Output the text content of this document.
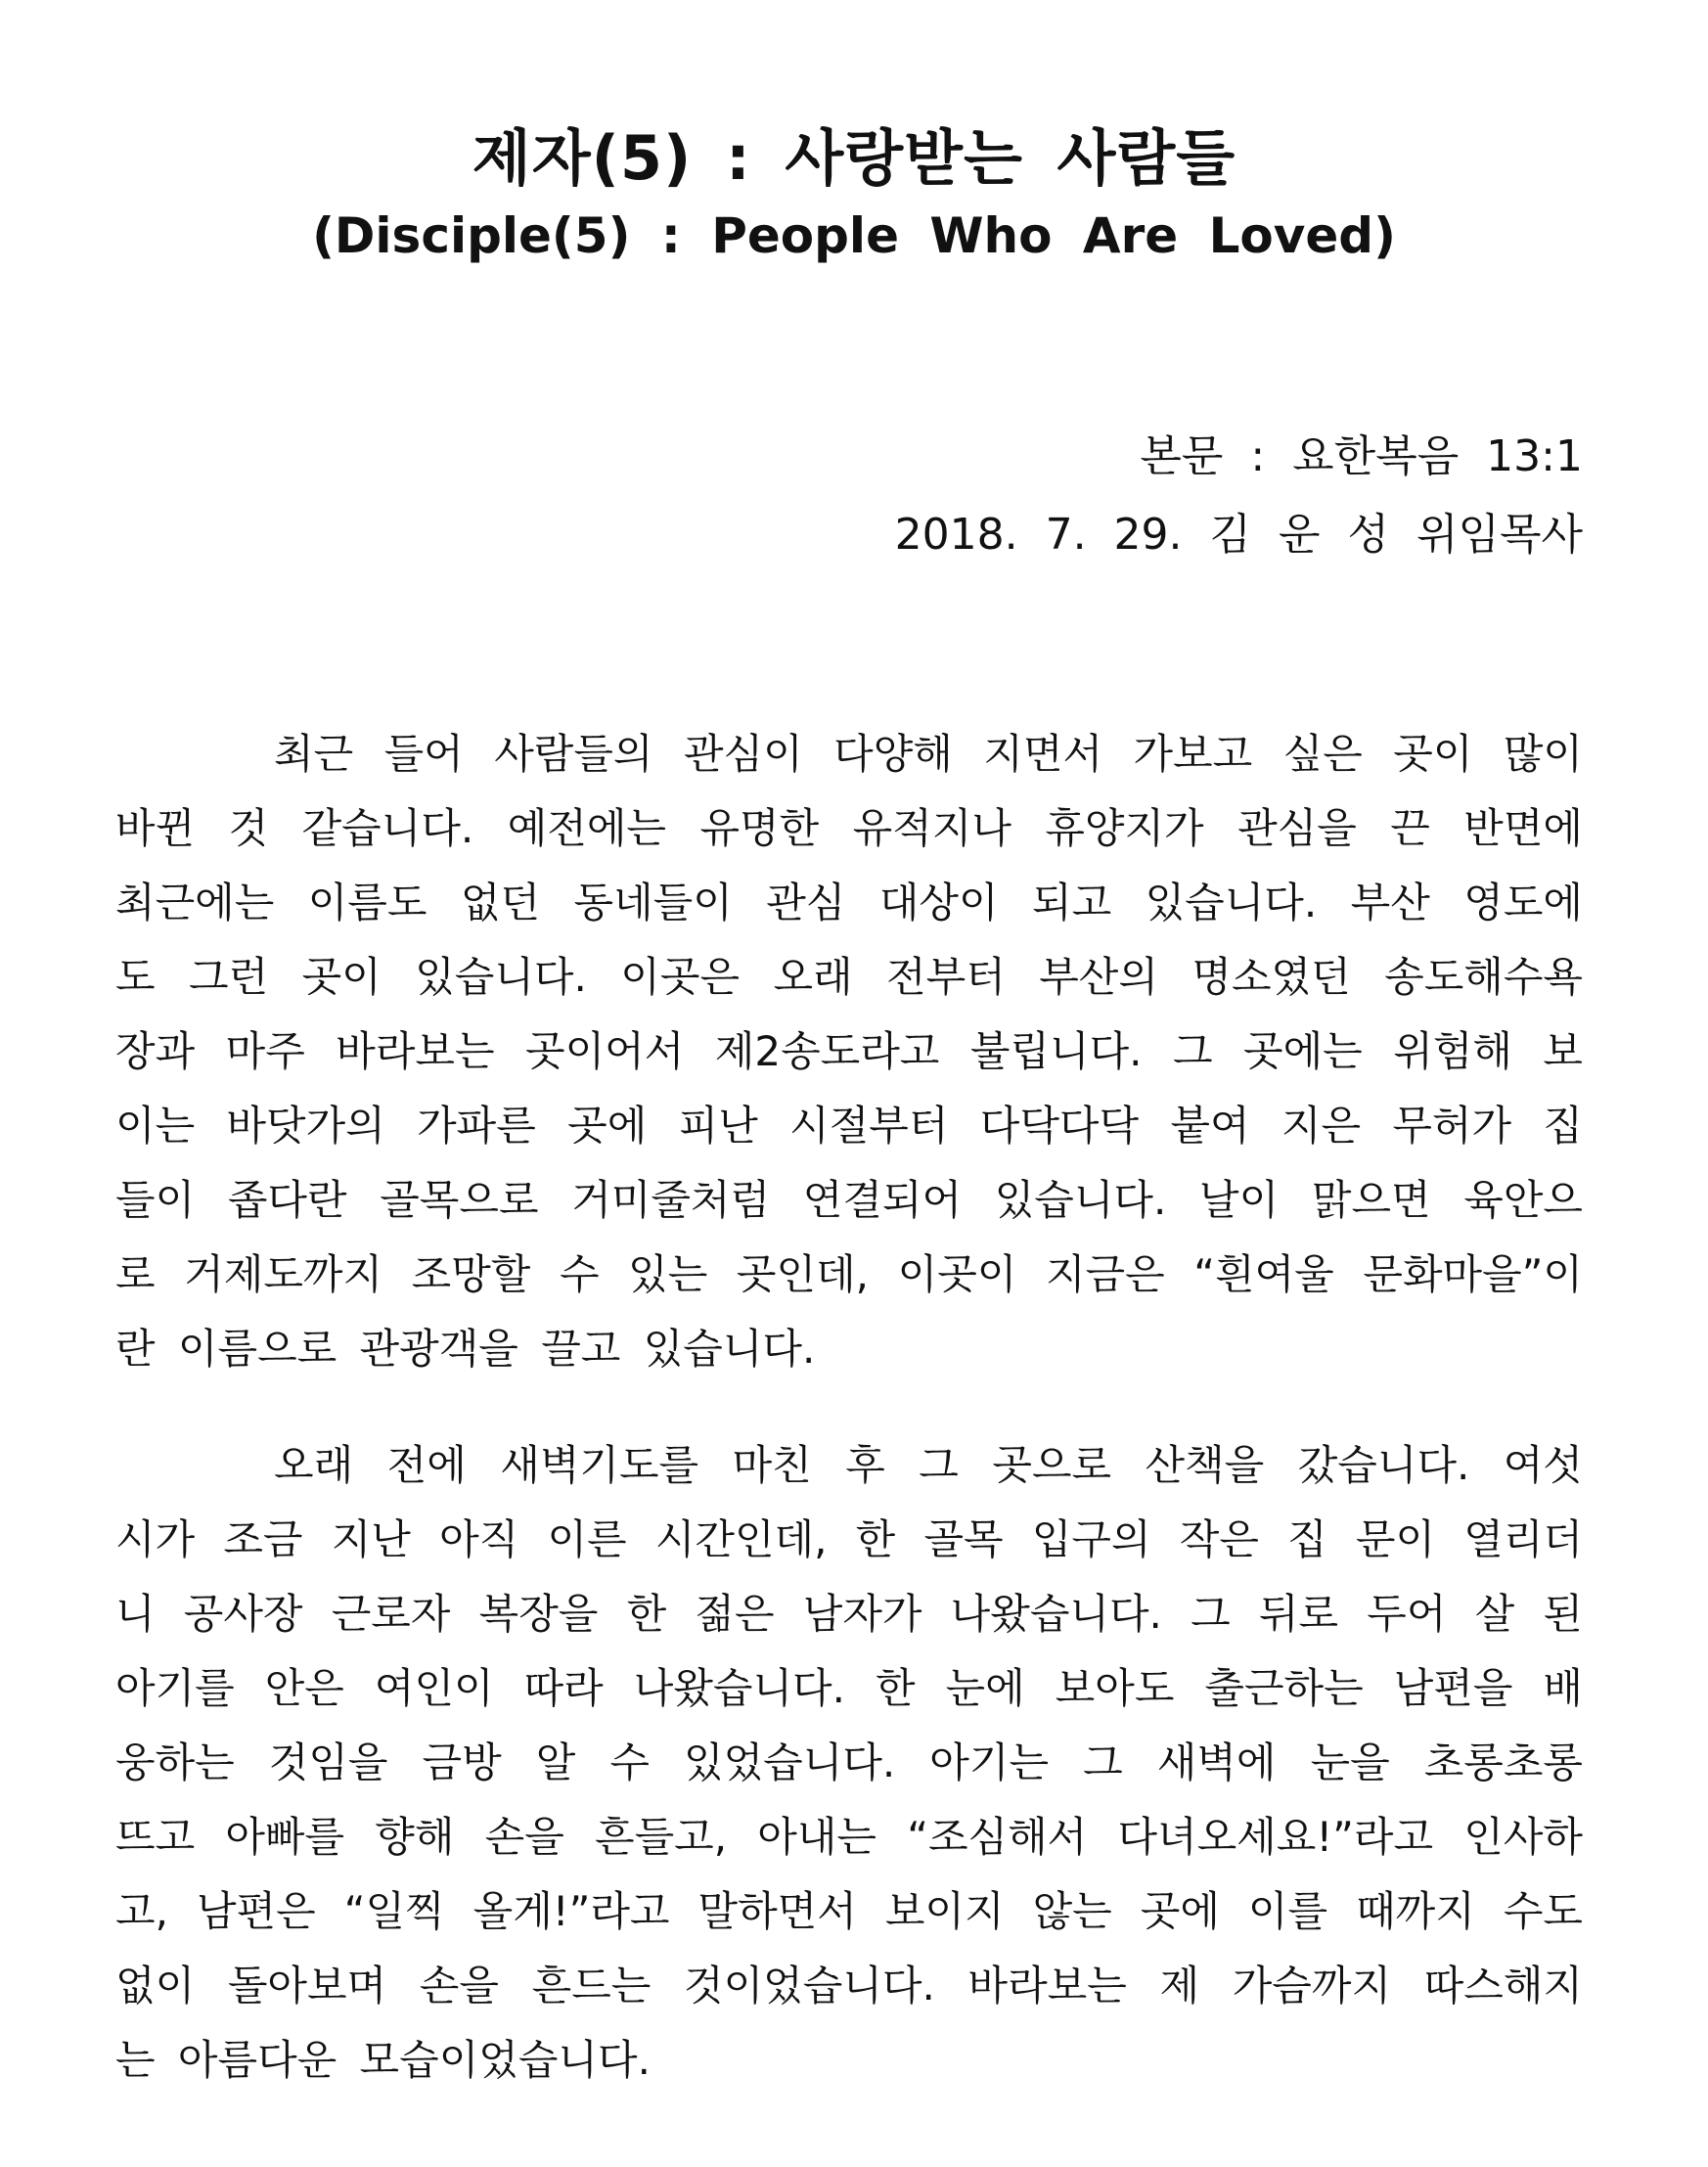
제자(5) : 사랑받는 사람들
(Disciple(5) : People Who Are Loved)
본문 : 요한복음 13:1
2018. 7. 29. 김 운 성 위임목사

최근 들어 사람들의 관심이 다양해 지면서 가보고 싶은 곳이 많이
바뀐 것 같습니다. 예전에는 유명한 유적지나 휴양지가 관심을 끈 반면에
최근에는 이름도 없던 동네들이 관심 대상이 되고 있습니다. 부산 영도에
도 그런 곳이 있습니다. 이곳은 오래 전부터 부산의 명소였던 송도해수욕
장과 마주 바라보는 곳이어서 제2송도라고 불립니다. 그 곳에는 위험해 보
이는 바닷가의 가파른 곳에 피난 시절부터 다닥다닥 붙여 지은 무허가 집
들이 좁다란 골목으로 거미줄처럼 연결되어 있습니다. 날이 맑으면 육안으
로 거제도까지 조망할 수 있는 곳인데, 이곳이 지금은 “흰여울 문화마을”이
란 이름으로 관광객을 끌고 있습니다.

오래 전에 새벽기도를 마친 후 그 곳으로 산책을 갔습니다. 여섯
시가 조금 지난 아직 이른 시간인데, 한 골목 입구의 작은 집 문이 열리더
니 공사장 근로자 복장을 한 젊은 남자가 나왔습니다. 그 뒤로 두어 살 된
아기를 안은 여인이 따라 나왔습니다. 한 눈에 보아도 출근하는 남편을 배
웅하는 것임을 금방 알 수 있었습니다. 아기는 그 새벽에 눈을 초롱초롱
뜨고 아빠를 향해 손을 흔들고, 아내는 “조심해서 다녀오세요!”라고 인사하
고, 남편은 “일찍 올게!”라고 말하면서 보이지 않는 곳에 이를 때까지 수도
없이 돌아보며 손을 흔드는 것이었습니다. 바라보는 제 가슴까지 따스해지
는 아름다운 모습이었습니다.
